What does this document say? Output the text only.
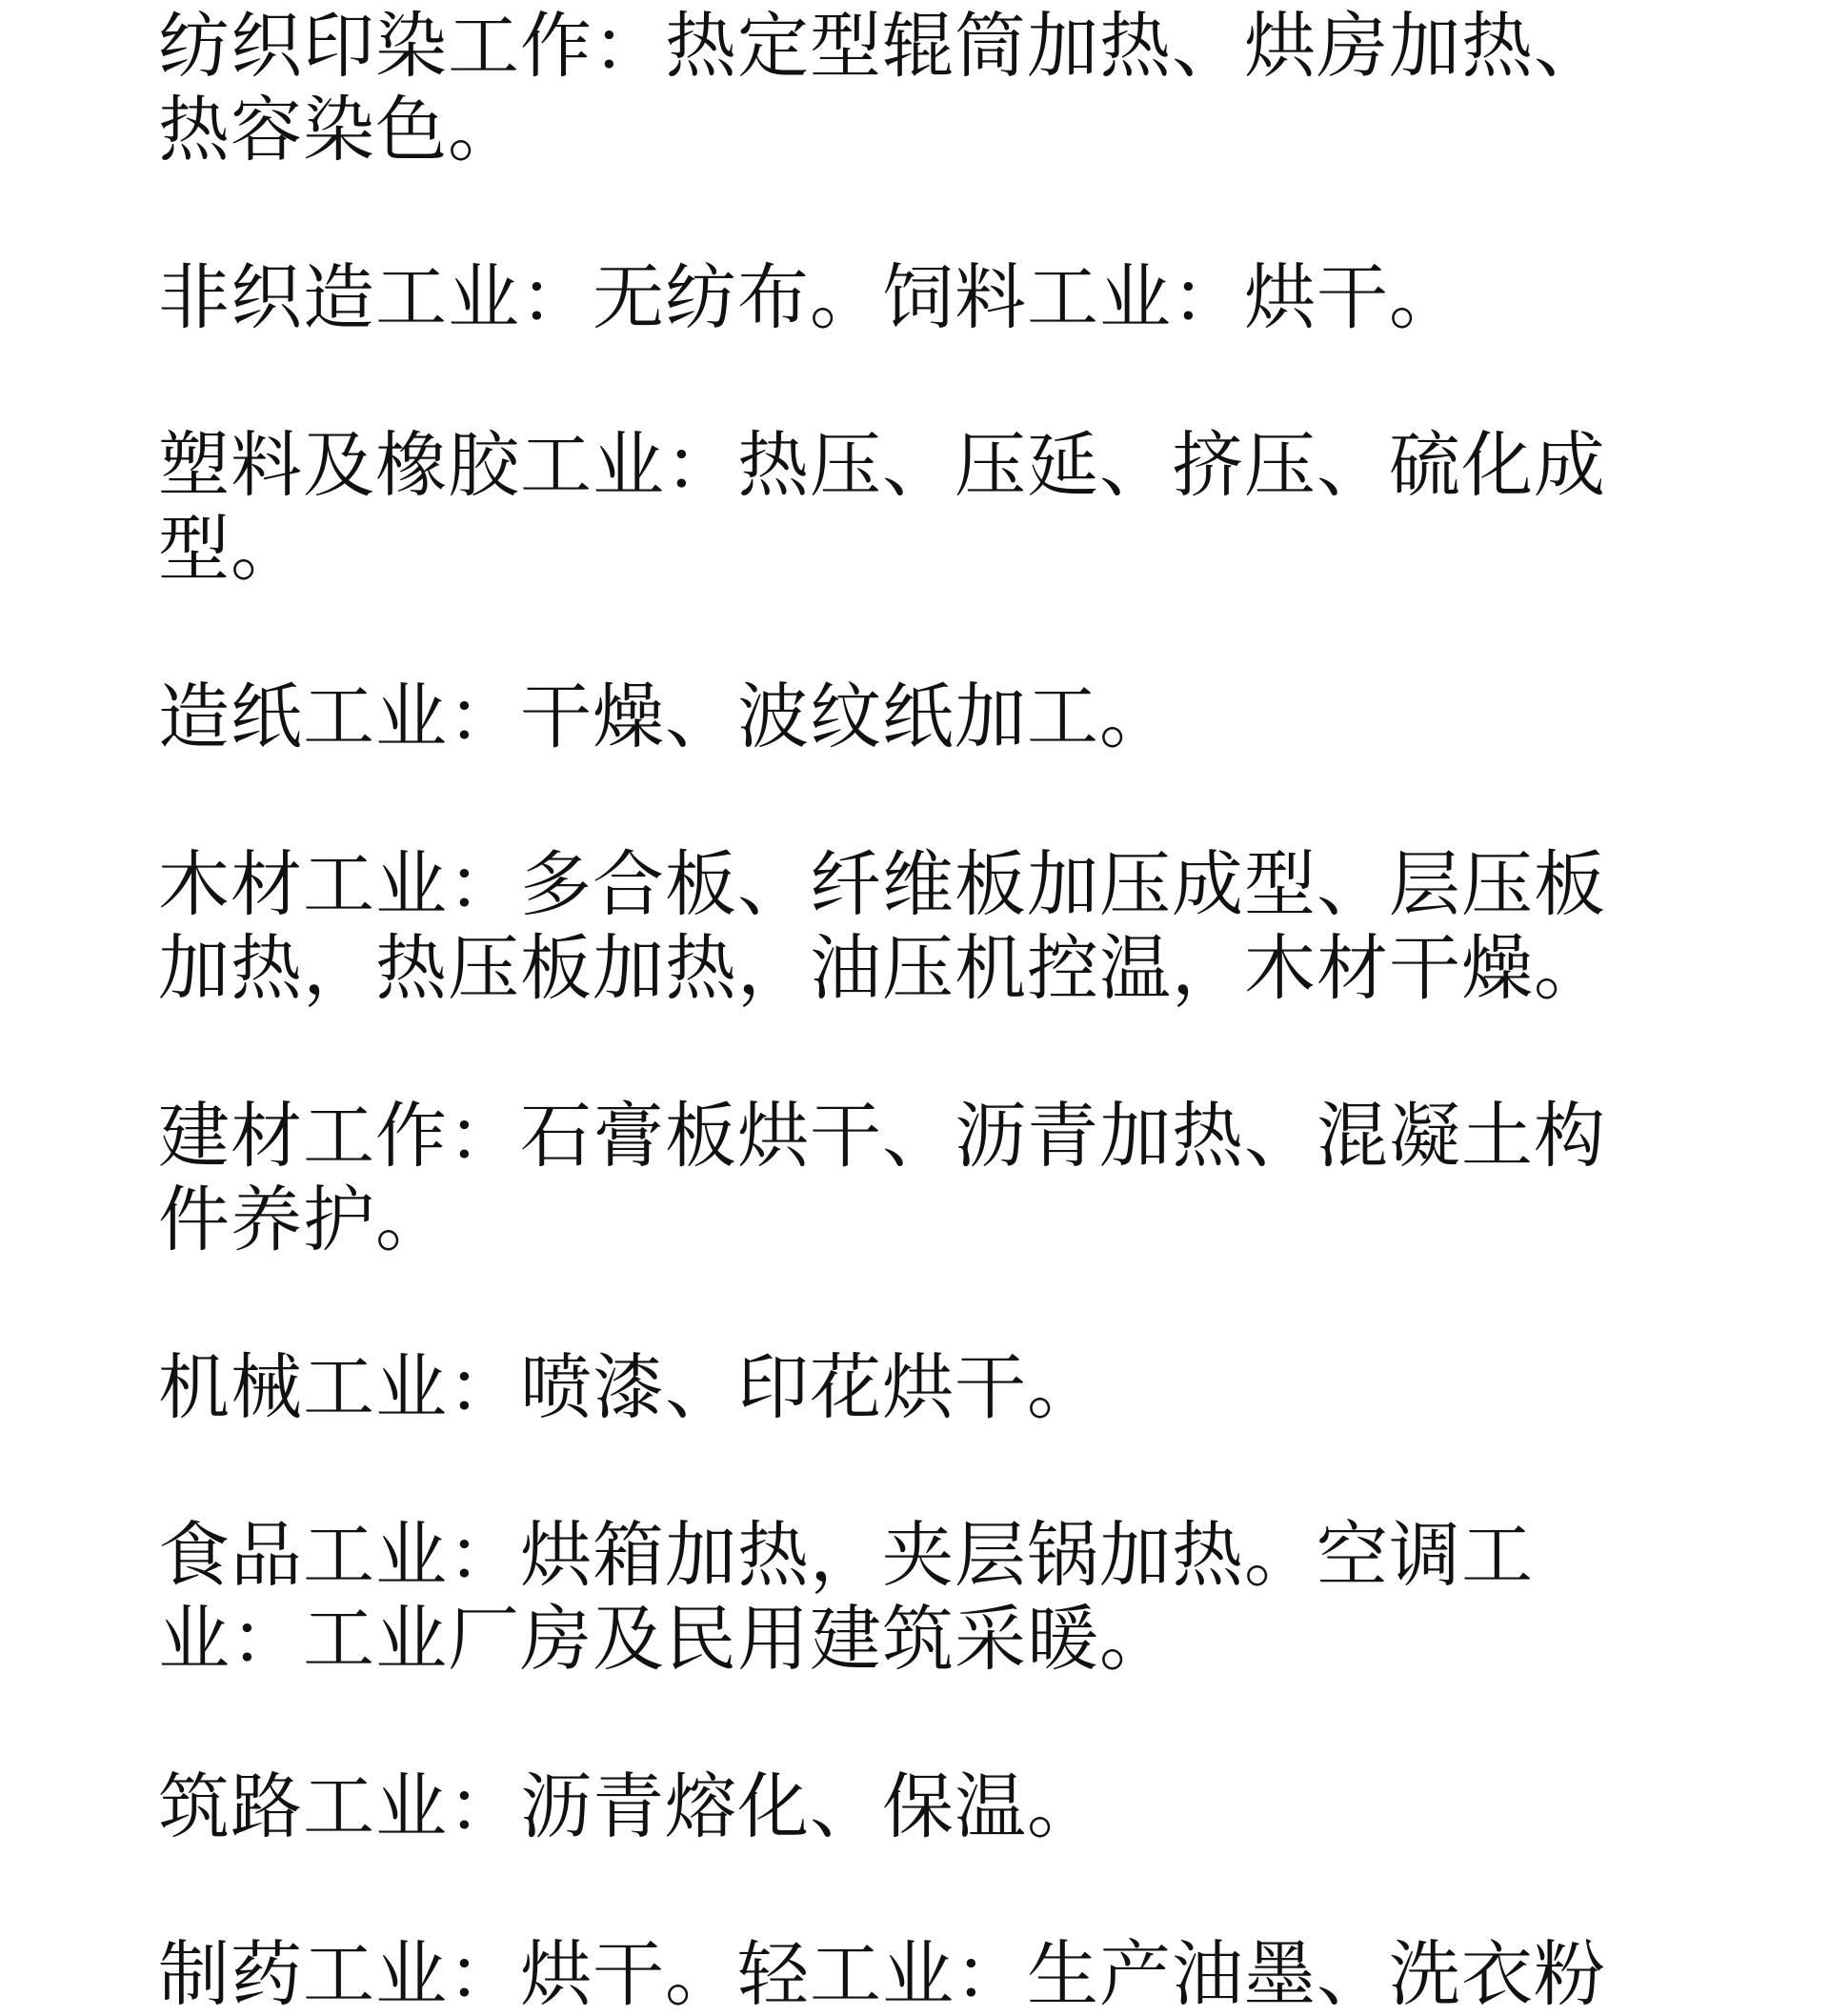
纺织印染工作：热定型辊筒加热、烘房加热、热容染色。

非织造工业：无纺布。饲料工业：烘干。

塑料及橡胶工业：热压、压延、挤压、硫化成型。

造纸工业：干燥、波纹纸加工。

木材工业：多合板、纤维板加压成型、层压板加热，热压板加热，油压机控温，木材干燥。

建材工作：石膏板烘干、沥青加热、混凝土构件养护。

机械工业：喷漆、印花烘干。

食品工业：烘箱加热，夹层锅加热。空调工业：工业厂房及民用建筑采暖。

筑路工业：沥青熔化、保温。

制药工业：烘干。轻工业：生产油墨、洗衣粉
